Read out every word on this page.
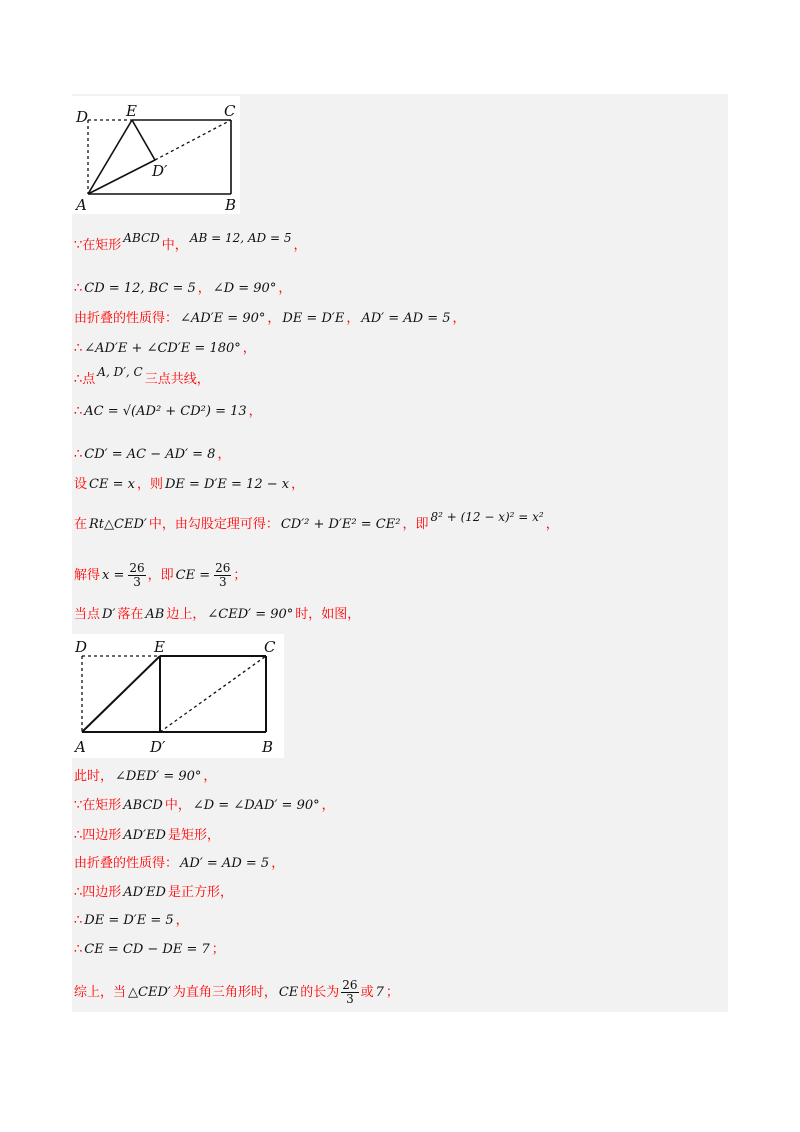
D	E	C
D′
A	B
D	E	C
A	D′	B
∵在矩形 ABCD 中， AB = 12, AD = 5 ，
∴ CD = 12, BC = 5 ， ∠D = 90° ，
由折叠的性质得： ∠AD′E = 90° ， DE = D′E ， AD′ = AD = 5 ，
∴ ∠AD′E + ∠CD′E = 180° ，
∴点 A, D′, C 三点共线，
∴ AC = √(AD² + CD²) = 13 ，
∴ CD′ = AC − AD′ = 8 ，
设 CE = x ，则 DE = D′E = 12 − x ，
在 Rt△CED′ 中，由勾股定理可得： CD′² + D′E² = CE² ，即 8² + (12 − x)² = x² ，
解得 $x = \frac{26}{3}$ ，即 CE = $\frac{26}{3}$ ；
当点 D′ 落在 AB 边上， ∠CED′ = 90° 时，如图，
此时， ∠DED′ = 90° ，
∵在矩形 ABCD 中， ∠D = ∠DAD′ = 90° ，
∴四边形 AD′ED 是矩形，
由折叠的性质得： AD′ = AD = 5 ，
∴四边形 AD′ED 是正方形，
∴ DE = D′E = 5 ，
∴ CE = CD − DE = 7 ；
综上，当 △CED′ 为直角三角形时， CE 的长为 $\frac{26}{3}$ 或 7 ；
